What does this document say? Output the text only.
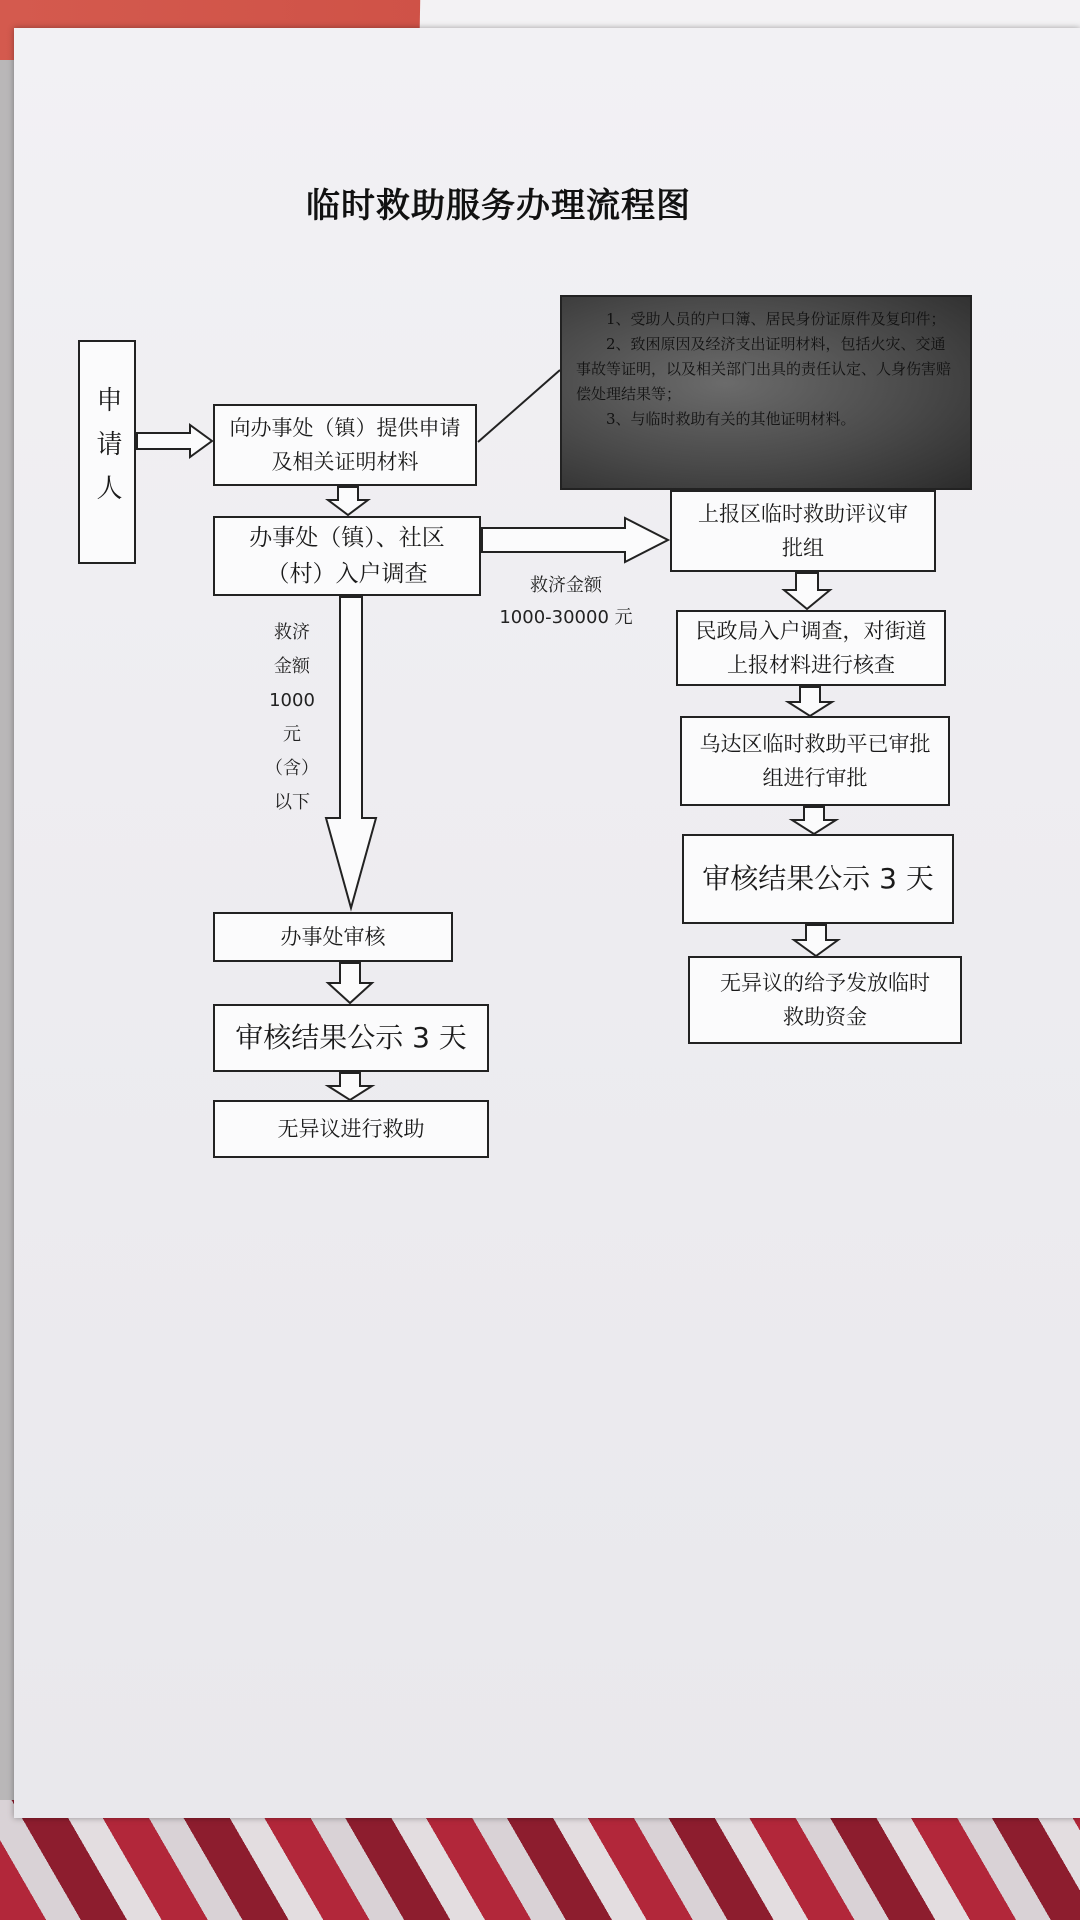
临时救助服务办理流程图
申请人	向办事处（镇）提供申请及相关证明材料
办事处（镇）、社区（村）入户调查
办事处审核
审核结果公示 3 天
无异议进行救助
上报区临时救助评议审批组
民政局入户调查，对街道上报材料进行核查
乌达区临时救助平已审批组进行审批
审核结果公示 3 天
无异议的给予发放临时救助资金

1、受助人员的户口簿、居民身份证原件及复印件；

2、致困原因及经济支出证明材料，包括火灾、交通事故等证明，以及相关部门出具的责任认定、人身伤害赔偿处理结果等；

3、与临时救助有关的其他证明材料。

救济金额
1000-30000 元
救济
金额
1000
元
（含）
以下
